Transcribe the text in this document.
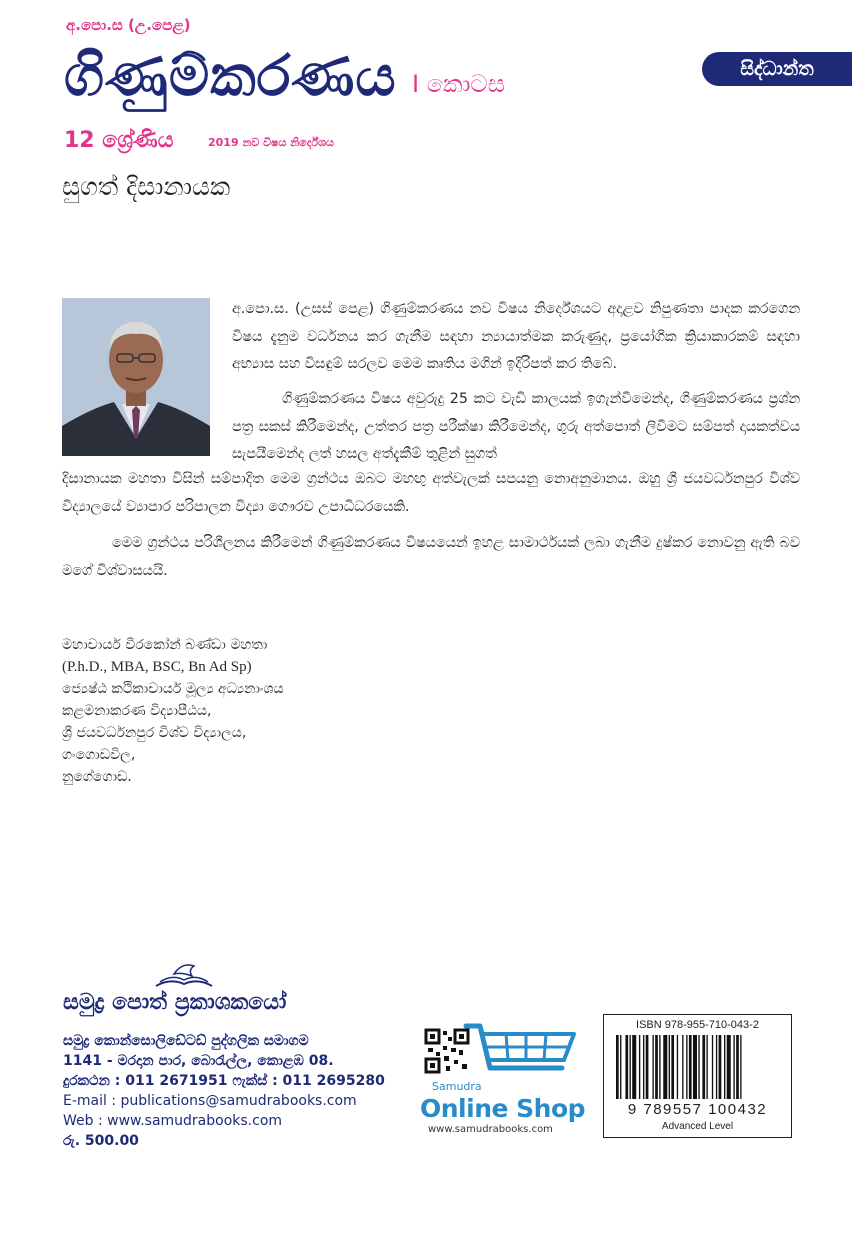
අ.පො.ස (උ.පෙළ)
ගිණුම්කරණය I කොටස
සිද්ධාන්ත
12 ශ්‍රේණිය	2019 නව විෂය නිර්දේශය
සුගත් දිසානායක
අ.පො.ස. (උසස් පෙළ) ගිණුම්කරණය නව විෂය නිර්දේශයට අදාළව නිපුණතා පාදක කරගෙන විෂය දැනුම වර්ධනය කර ගැනීම සඳහා න්‍යායාත්මක කරුණුද, ප්‍රයෝගික ක්‍රියාකාරකම් සඳහා අභ්‍යාස සහ විසඳුම් සරලව මෙම කෘතිය මගින් ඉදිරිපත් කර තිබේ.
ගිණුම්කරණය විෂය අවුරුදු 25 කට වැඩි කාලයක් ඉගැන්වීමෙන්ද, ගිණුම්කරණය ප්‍රශ්න පත්‍ර සකස් කිරීමෙන්ද, උත්තර පත්‍ර පරීක්ෂා කිරීමෙන්ද, ගුරු අත්පොත් ලිවීමට සම්පත් දායකත්වය සැපයීමෙන්ද ලත් හසල අත්දැකීම් තුළින් සුගත්
දිසානායක මහතා විසින් සම්පාදිත මෙම ග්‍රන්ථය ඔබට මහඟු අත්වැලක් සපයනු නොඅනුමානය. ඔහු ශ්‍රී ජයවර්ධනපුර විශ්ව විද්‍යාලයේ ව්‍යාපාර පරිපාලන විද්‍යා ගෞරව උපාධිධරයෙකි.
මෙම ග්‍රන්ථය පරිශීලනය කිරීමෙන් ගිණුම්කරණය විෂයයෙන් ඉහළ සාමාර්ථයක් ලබා ගැනීම දුෂ්කර නොවනු ඇති බව මගේ විශ්වාසයයි.
මහාචාර්ය වීරකෝන් බණ්ඩා මහතා
(P.h.D., MBA, BSC, Bn Ad Sp)
ජ්‍යෙෂ්ඨ කථිකාචාර්ය මූල්‍ය අධ්‍යනාංශය
කළමනාකරණ විද්‍යාපීඨය,
ශ්‍රී ජයවර්ධනපුර විශ්ව විද්‍යාලය,
ගංගොඩවිල,
නුගේගොඩ.
සමුද්‍ර පොත් ප්‍රකාශකයෝ
සමුද්‍ර කොන්සොලිඩේටඩ් පුද්ගලික සමාගම
1141 - මරදාන පාර, බොරැල්ල, කොළඹ 08.
දුරකථන : 011 2671951 ෆැක්ස් : 011 2695280
E-mail : publications@samudrabooks.com
Web : www.samudrabooks.com
රු. 500.00
Samudra
Online Shop
www.samudrabooks.com
ISBN 978-955-710-043-2
9 789557 100432
Advanced Level
